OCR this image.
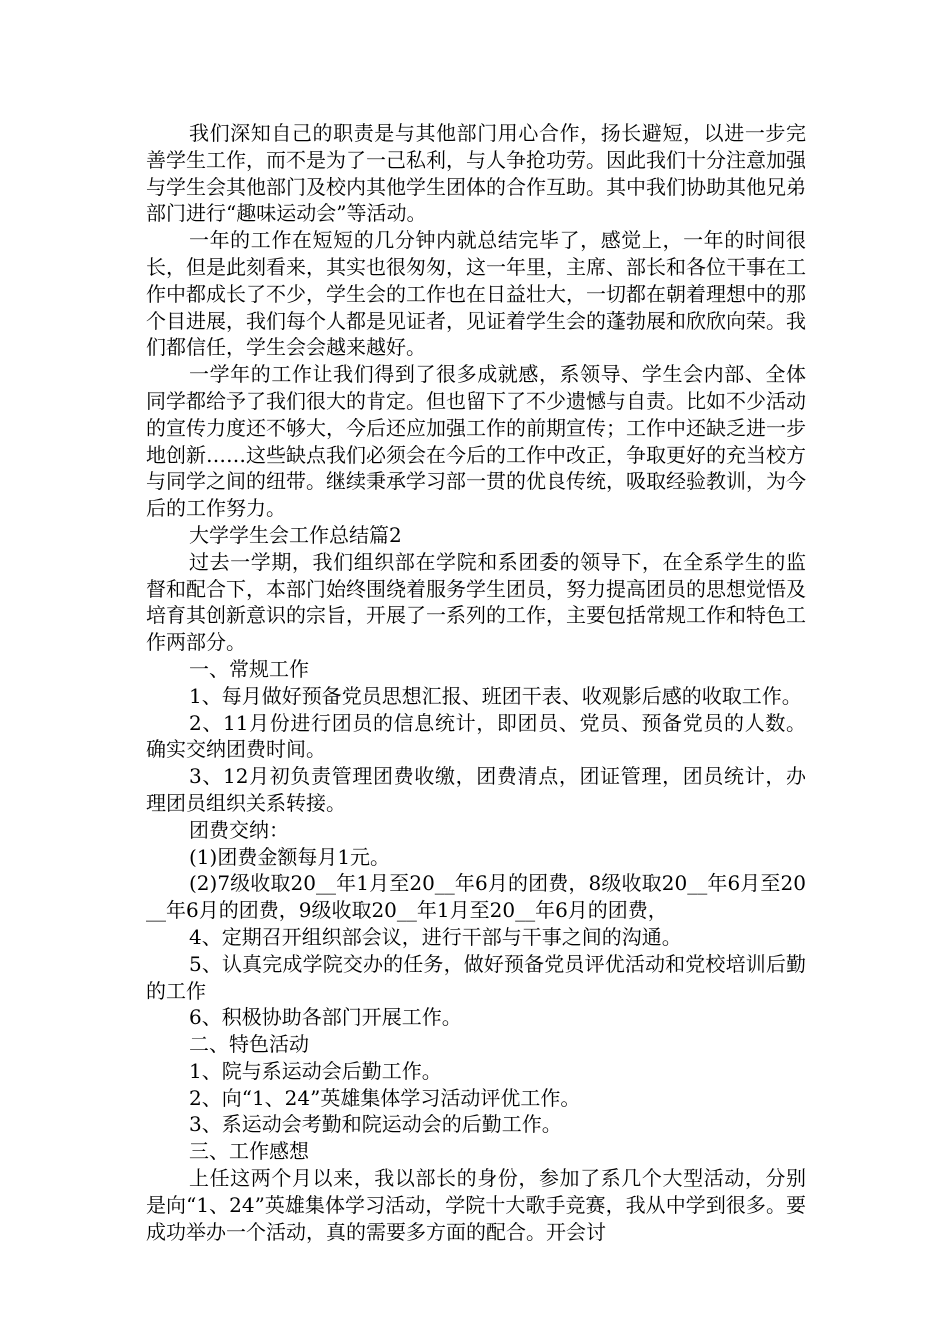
我们深知自己的职责是与其他部门用心合作，扬长避短，以进一步完善学生工作，而不是为了一己私利，与人争抢功劳。因此我们十分注意加强与学生会其他部门及校内其他学生团体的合作互助。其中我们协助其他兄弟部门进行“趣味运动会”等活动。

一年的工作在短短的几分钟内就总结完毕了，感觉上，一年的时间很长，但是此刻看来，其实也很匆匆，这一年里，主席、部长和各位干事在工作中都成长了不少，学生会的工作也在日益壮大，一切都在朝着理想中的那个目进展，我们每个人都是见证者，见证着学生会的蓬勃展和欣欣向荣。我们都信任，学生会会越来越好。

一学年的工作让我们得到了很多成就感，系领导、学生会内部、全体同学都给予了我们很大的肯定。但也留下了不少遗憾与自责。比如不少活动的宣传力度还不够大，今后还应加强工作的前期宣传；工作中还缺乏进一步地创新……这些缺点我们必须会在今后的工作中改正，争取更好的充当校方与同学之间的纽带。继续秉承学习部一贯的优良传统，吸取经验教训，为今后的工作努力。

大学学生会工作总结篇2

过去一学期，我们组织部在学院和系团委的领导下，在全系学生的监督和配合下，本部门始终围绕着服务学生团员，努力提高团员的思想觉悟及培育其创新意识的宗旨，开展了一系列的工作，主要包括常规工作和特色工作两部分。

一、常规工作

1、每月做好预备党员思想汇报、班团干表、收观影后感的收取工作。

2、11月份进行团员的信息统计，即团员、党员、预备党员的人数。确实交纳团费时间。

3、12月初负责管理团费收缴，团费清点，团证管理，团员统计，办理团员组织关系转接。

团费交纳：

(1)团费金额每月1元。

(2)7级收取20__年1月至20__年6月的团费，8级收取20__年6月至20__年6月的团费，9级收取20__年1月至20__年6月的团费，

4、定期召开组织部会议，进行干部与干事之间的沟通。

5、认真完成学院交办的任务，做好预备党员评优活动和党校培训后勤的工作

6、积极协助各部门开展工作。

二、特色活动

1、院与系运动会后勤工作。

2、向“1、24”英雄集体学习活动评优工作。

3、系运动会考勤和院运动会的后勤工作。

三、工作感想

上任这两个月以来，我以部长的身份，参加了系几个大型活动，分别是向“1、24”英雄集体学习活动，学院十大歌手竞赛，我从中学到很多。要成功举办一个活动，真的需要多方面的配合。开会讨
